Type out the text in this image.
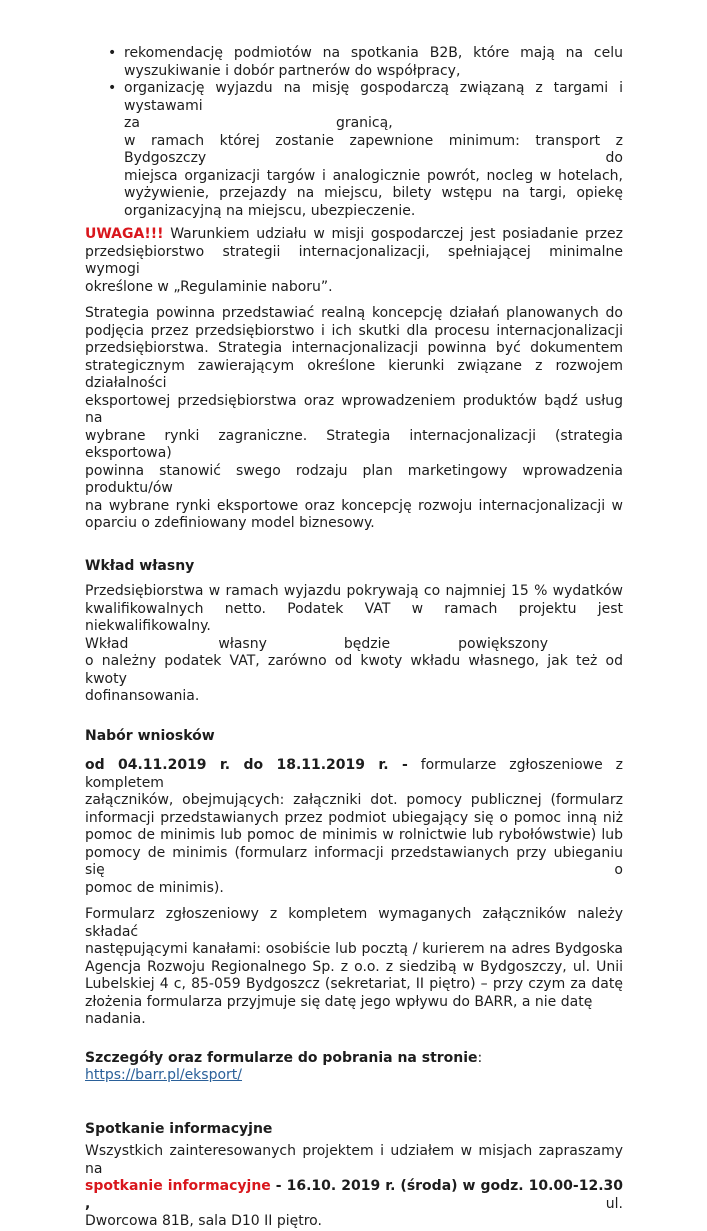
• rekomendację podmiotów na spotkania B2B, które mają na celu
wyszukiwanie i dobór partnerów do współpracy,
• organizację wyjazdu na misję gospodarczą związaną z targami i wystawami
za	granicą,
w ramach której zostanie zapewnione minimum: transport z Bydgoszczy do
miejsca organizacji targów i analogicznie powrót, nocleg w hotelach,
wyżywienie, przejazdy na miejscu, bilety wstępu na targi, opiekę
organizacyjną na miejscu, ubezpieczenie.
UWAGA!!! Warunkiem udziału w misji gospodarczej jest posiadanie przez
przedsiębiorstwo strategii internacjonalizacji, spełniającej minimalne wymogi
określone w „Regulaminie naboru”.
Strategia powinna przedstawiać realną koncepcję działań planowanych do
podjęcia przez przedsiębiorstwo i ich skutki dla procesu internacjonalizacji
przedsiębiorstwa. Strategia internacjonalizacji powinna być dokumentem
strategicznym zawierającym określone kierunki związane z rozwojem działalności
eksportowej przedsiębiorstwa oraz wprowadzeniem produktów bądź usług na
wybrane rynki zagraniczne. Strategia internacjonalizacji (strategia eksportowa)
powinna stanowić swego rodzaju plan marketingowy wprowadzenia produktu/ów
na wybrane rynki eksportowe oraz koncepcję rozwoju internacjonalizacji w
oparciu o zdefiniowany model biznesowy.
Wkład własny
Przedsiębiorstwa w ramach wyjazdu pokrywają co najmniej 15 % wydatków
kwalifikowalnych netto. Podatek VAT w ramach projektu jest niekwalifikowalny.
Wkład	własny	będzie	powiększony
o należny podatek VAT, zarówno od kwoty wkładu własnego, jak też od kwoty
dofinansowania.
Nabór wniosków
od 04.11.2019 r. do 18.11.2019 r. - formularze zgłoszeniowe z kompletem
załączników, obejmujących: załączniki dot. pomocy publicznej (formularz
informacji przedstawianych przez podmiot ubiegający się o pomoc inną niż
pomoc de minimis lub pomoc de minimis w rolnictwie lub rybołówstwie) lub
pomocy de minimis (formularz informacji przedstawianych przy ubieganiu się o
pomoc de minimis).
Formularz zgłoszeniowy z kompletem wymaganych załączników należy składać
następującymi kanałami: osobiście lub pocztą / kurierem na adres Bydgoska
Agencja Rozwoju Regionalnego Sp. z o.o. z siedzibą w Bydgoszczy, ul. Unii
Lubelskiej 4 c, 85-059 Bydgoszcz (sekretariat, II piętro) – przy czym za datę
złożenia formularza przyjmuje się datę jego wpływu do BARR, a nie datę nadania.
Szczegóły oraz formularze do pobrania na stronie: https://barr.pl/eksport/
Spotkanie informacyjne
Wszystkich zainteresowanych projektem i udziałem w misjach zapraszamy na
spotkanie informacyjne - 16.10. 2019 r. (środa) w godz. 10.00-12.30 , ul.
Dworcowa 81B, sala D10 II piętro.
